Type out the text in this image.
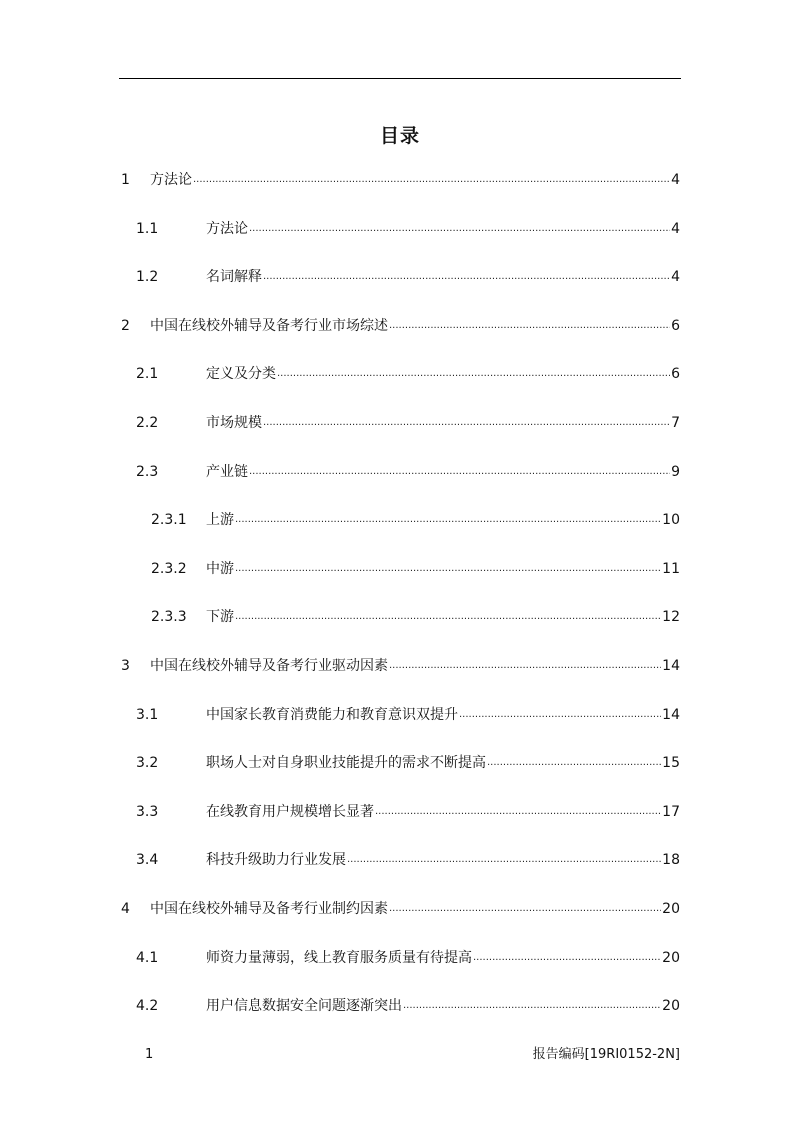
目录
1 方法论 .....	4
1.1	方法论 .....	4
1.2	名词解释 .....	4
2 中国在线校外辅导及备考行业市场综述 .....	6
2.1	定义及分类 .....	6
2.2	市场规模 .....	7
2.3	产业链 .....	9
2.3.1 上游 .....	10
2.3.2 中游 .....	11
2.3.3 下游 .....	12
3 中国在线校外辅导及备考行业驱动因素 .....	14
3.1	中国家长教育消费能力和教育意识双提升 .....	14
3.2	职场人士对自身职业技能提升的需求不断提高 .....	15
3.3	在线教育用户规模增长显著 .....	17
3.4	科技升级助力行业发展 .....	18
4 中国在线校外辅导及备考行业制约因素 .....	20
4.1	师资力量薄弱，线上教育服务质量有待提高 .....	20
4.2	用户信息数据安全问题逐渐突出 .....	20
1	报告编码[19RI0152-2N]
